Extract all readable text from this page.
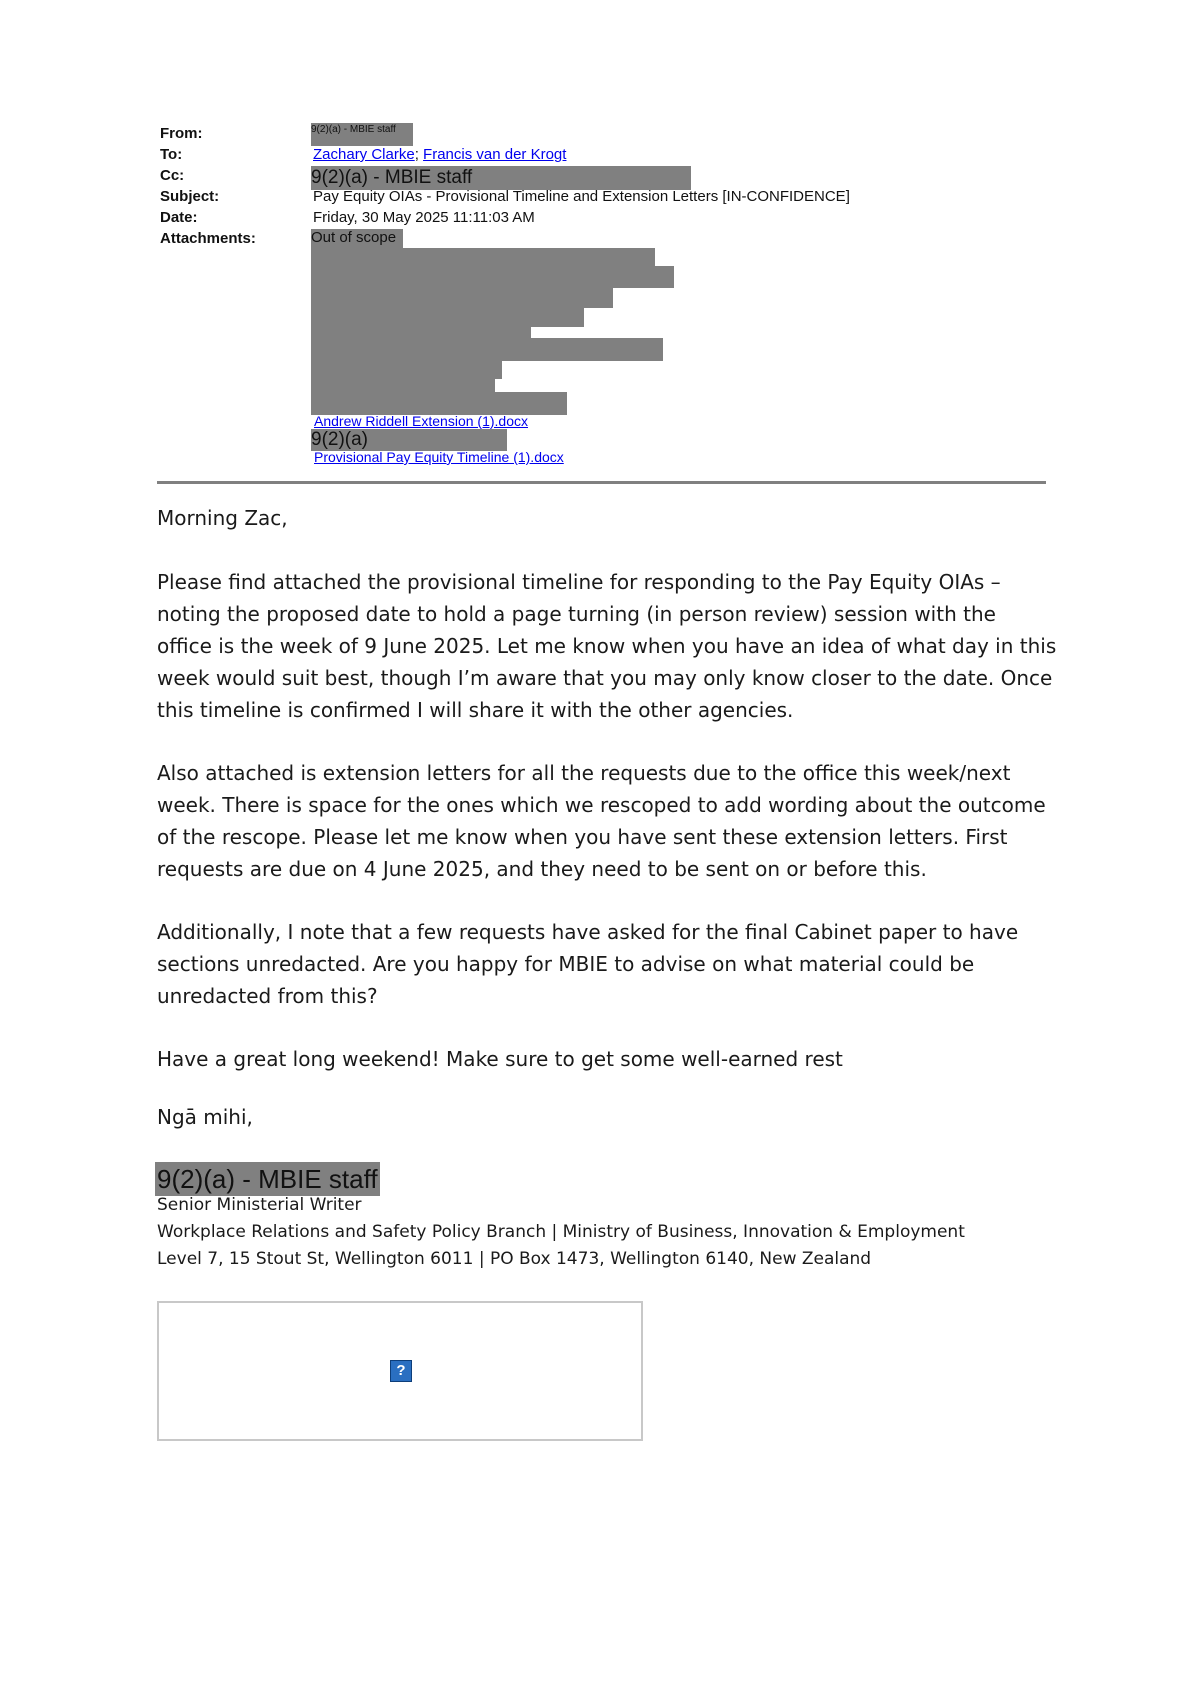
From:	9(2)(a) - MBIE staff
To:	Zachary Clarke; Francis van der Krogt
Cc:	9(2)(a) - MBIE staff
Subject:	Pay Equity OIAs - Provisional Timeline and Extension Letters [IN-CONFIDENCE]
Date:	Friday, 30 May 2025 11:11:03 AM
Attachments:	Out of scope
Andrew Riddell Extension (1).docx
9(2)(a)
Provisional Pay Equity Timeline (1).docx
Morning Zac,

Please find attached the provisional timeline for responding to the Pay Equity OIAs – noting the proposed date to hold a page turning (in person review) session with the office is the week of 9 June 2025. Let me know when you have an idea of what day in this week would suit best, though I’m aware that you may only know closer to the date. Once this timeline is confirmed I will share it with the other agencies.

Also attached is extension letters for all the requests due to the office this week/next week. There is space for the ones which we rescoped to add wording about the outcome of the rescope. Please let me know when you have sent these extension letters. First requests are due on 4 June 2025, and they need to be sent on or before this.

Additionally, I note that a few requests have asked for the final Cabinet paper to have sections unredacted. Are you happy for MBIE to advise on what material could be unredacted from this?

Have a great long weekend! Make sure to get some well-earned rest

Ngā mihi,
9(2)(a) - MBIE staff
Senior Ministerial Writer
Workplace Relations and Safety Policy Branch | Ministry of Business, Innovation & Employment
Level 7, 15 Stout St, Wellington 6011 | PO Box 1473, Wellington 6140, New Zealand
?
